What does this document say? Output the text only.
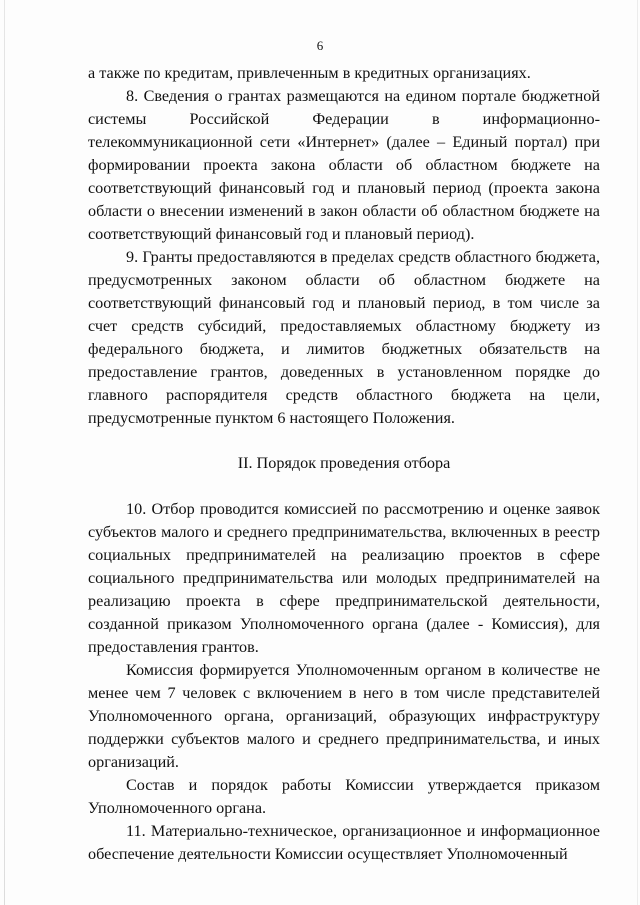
6

а также по кредитам, привлеченным в кредитных организациях.

8. Сведения о грантах размещаются на едином портале бюджетной системы Российской Федерации в информационно-телекоммуникационной сети «Интернет» (далее – Единый портал) при формировании проекта закона области об областном бюджете на соответствующий финансовый год и плановый период (проекта закона области о внесении изменений в закон области об областном бюджете на соответствующий финансовый год и плановый период).

9. Гранты предоставляются в пределах средств областного бюджета, предусмотренных законом области об областном бюджете на соответствующий финансовый год и плановый период, в том числе за счет средств субсидий, предоставляемых областному бюджету из федерального бюджета, и лимитов бюджетных обязательств на предоставление грантов, доведенных в установленном порядке до главного распорядителя средств областного бюджета на цели, предусмотренные пунктом 6 настоящего Положения.

II. Порядок проведения отбора

10. Отбор проводится комиссией по рассмотрению и оценке заявок субъектов малого и среднего предпринимательства, включенных в реестр социальных предпринимателей на реализацию проектов в сфере социального предпринимательства или молодых предпринимателей на реализацию проекта в сфере предпринимательской деятельности, созданной приказом Уполномоченного органа (далее - Комиссия), для предоставления грантов.

Комиссия формируется Уполномоченным органом в количестве не менее чем 7 человек с включением в него в том числе представителей Уполномоченного органа, организаций, образующих инфраструктуру поддержки субъектов малого и среднего предпринимательства, и иных организаций.

Состав и порядок работы Комиссии утверждается приказом Уполномоченного органа.

11. Материально-техническое, организационное и информационное обеспечение деятельности Комиссии осуществляет Уполномоченный
